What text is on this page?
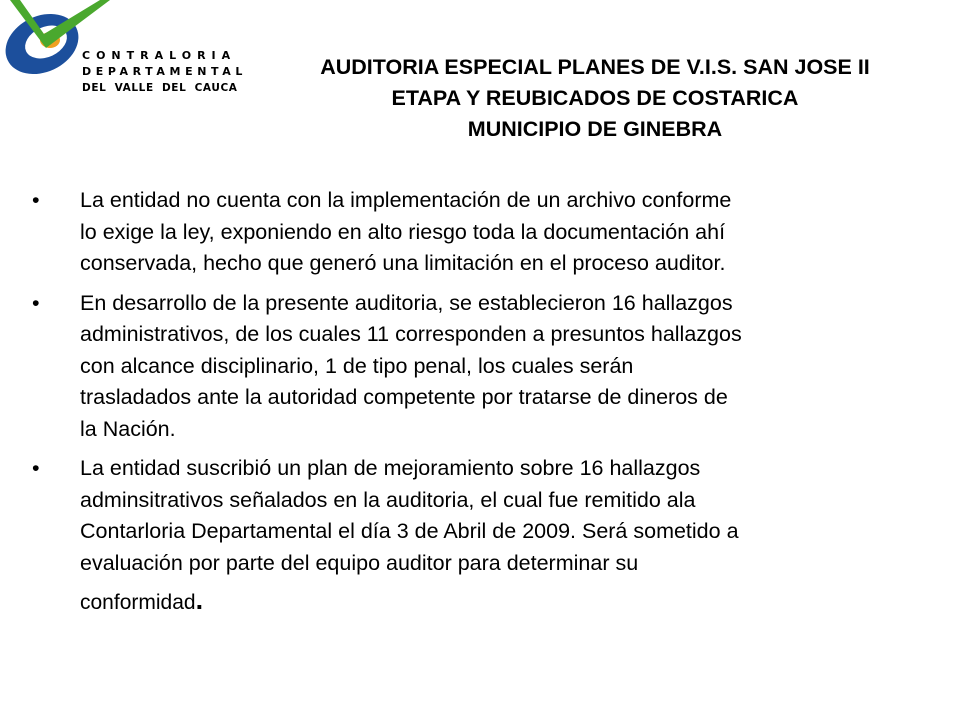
CONTRALORIA
DEPARTAMENTAL
DEL VALLE DEL CAUCA
AUDITORIA ESPECIAL PLANES DE V.I.S. SAN JOSE II
ETAPA Y REUBICADOS DE COSTARICA
MUNICIPIO DE GINEBRA
• La entidad no cuenta con la implementación de un archivo conforme
lo exige la ley, exponiendo en alto riesgo toda la documentación ahí
conservada, hecho que generó una limitación en el proceso auditor.
• En desarrollo de la presente auditoria, se establecieron 16 hallazgos
administrativos, de los cuales 11 corresponden a presuntos hallazgos
con alcance disciplinario, 1 de tipo penal, los cuales serán
trasladados ante la autoridad competente por tratarse de dineros de
la Nación.
• La entidad suscribió un plan de mejoramiento sobre 16 hallazgos
adminsitrativos señalados en la auditoria, el cual fue remitido ala
Contarloria Departamental el día 3 de Abril de 2009. Será sometido a
evaluación por parte del equipo auditor para determinar su
conformidad.
